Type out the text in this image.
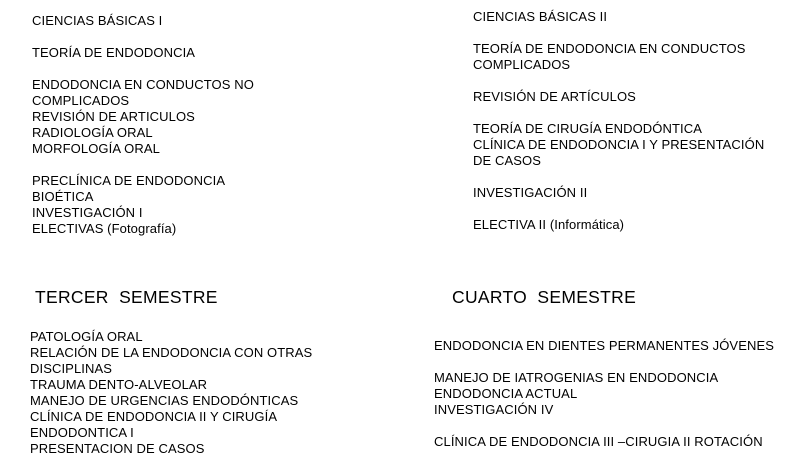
CIENCIAS BÁSICAS I
TEORÍA DE ENDODONCIA
ENDODONCIA EN CONDUCTOS NO
COMPLICADOS
REVISIÓN DE ARTICULOS
RADIOLOGÍA ORAL
MORFOLOGÍA ORAL
PRECLÍNICA DE ENDODONCIA
BIOÉTICA
INVESTIGACIÓN I
ELECTIVAS (Fotografía)
CIENCIAS BÁSICAS II
TEORÍA DE ENDODONCIA EN CONDUCTOS
COMPLICADOS
REVISIÓN DE ARTÍCULOS
TEORÍA DE CIRUGÍA ENDODÓNTICA
CLÍNICA DE ENDODONCIA I Y PRESENTACIÓN
DE CASOS
INVESTIGACIÓN II
ELECTIVA II (Informática)
TERCER  SEMESTRE
PATOLOGÍA ORAL
RELACIÓN DE LA ENDODONCIA CON OTRAS
DISCIPLINAS
TRAUMA DENTO-ALVEOLAR
MANEJO DE URGENCIAS ENDODÓNTICAS
CLÍNICA DE ENDODONCIA II Y CIRUGÍA
ENDODONTICA I
PRESENTACION DE CASOS
CUARTO  SEMESTRE
ENDODONCIA EN DIENTES PERMANENTES JÓVENES
MANEJO DE IATROGENIAS EN ENDODONCIA
ENDODONCIA ACTUAL
INVESTIGACIÓN IV
CLÍNICA DE ENDODONCIA III –CIRUGIA II ROTACIÓN
